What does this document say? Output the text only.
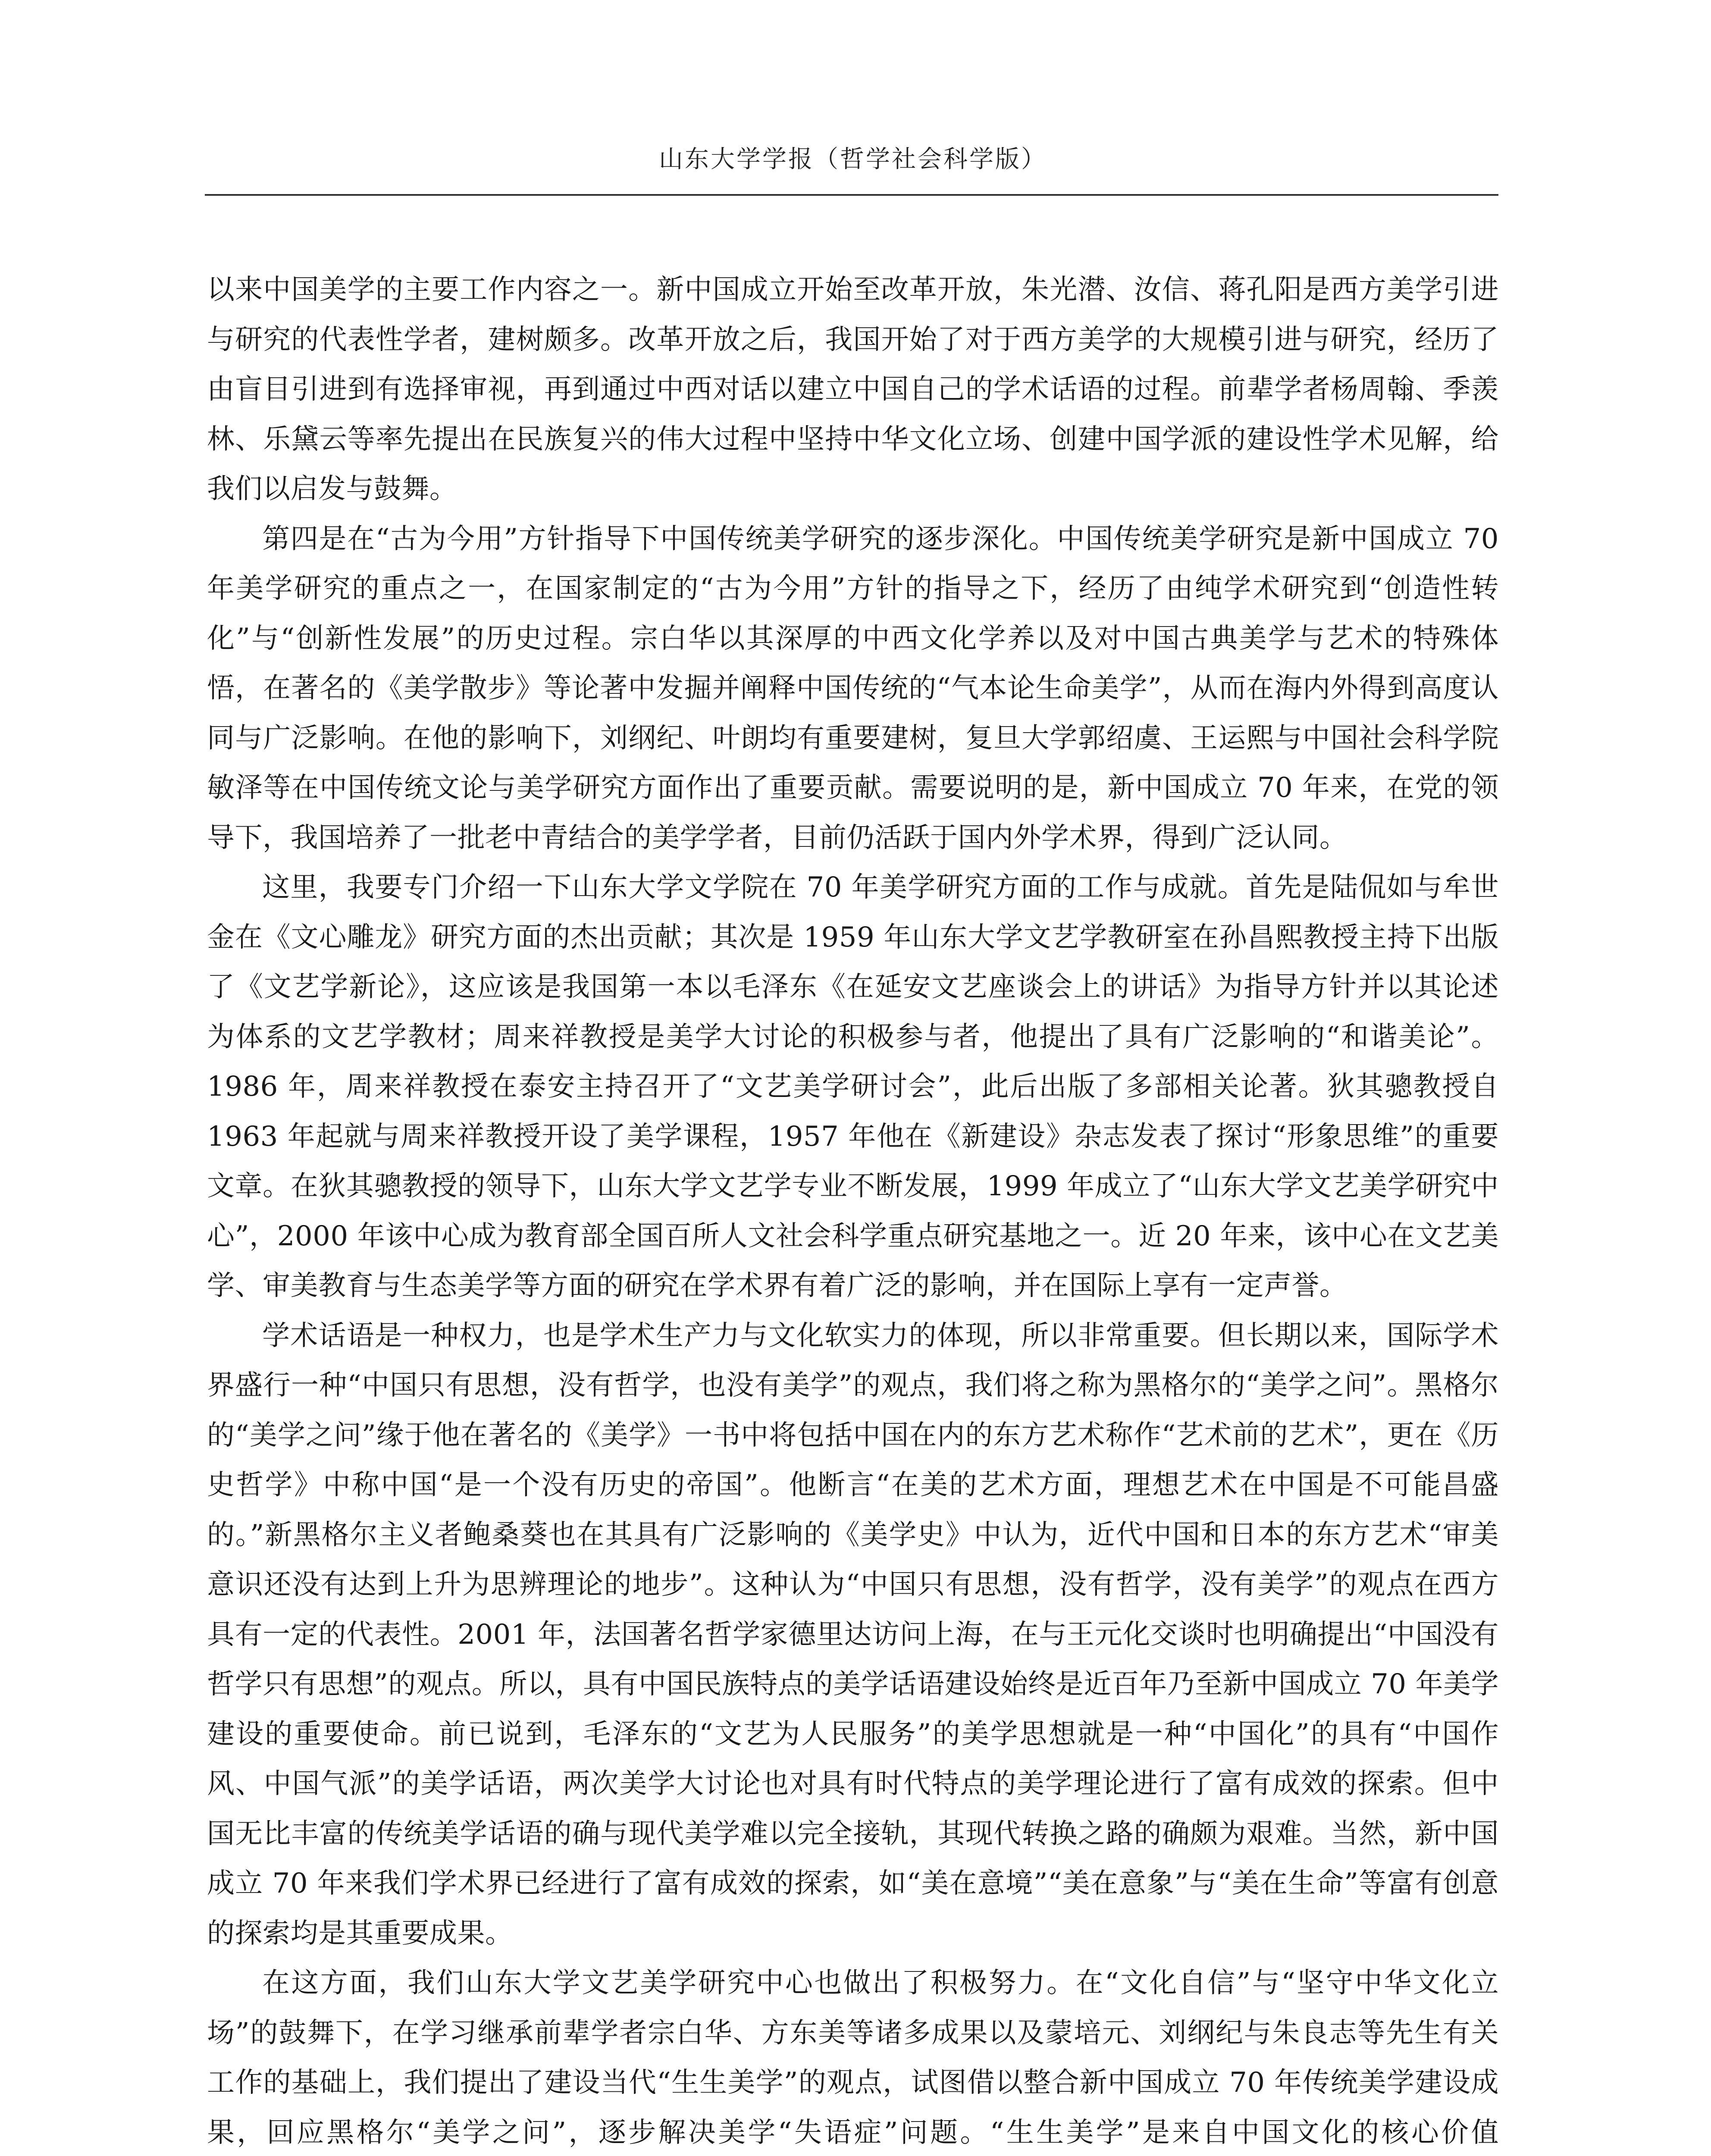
山东大学学报（哲学社会科学版）

以来中国美学的主要工作内容之一。新中国成立开始至改革开放，朱光潜、汝信、蒋孔阳是西方美学引进与研究的代表性学者，建树颇多。改革开放之后，我国开始了对于西方美学的大规模引进与研究，经历了由盲目引进到有选择审视，再到通过中西对话以建立中国自己的学术话语的过程。前辈学者杨周翰、季羡林、乐黛云等率先提出在民族复兴的伟大过程中坚持中华文化立场、创建中国学派的建设性学术见解，给我们以启发与鼓舞。

第四是在“古为今用”方针指导下中国传统美学研究的逐步深化。中国传统美学研究是新中国成立 70 年美学研究的重点之一，在国家制定的“古为今用”方针的指导之下，经历了由纯学术研究到“创造性转化”与“创新性发展”的历史过程。宗白华以其深厚的中西文化学养以及对中国古典美学与艺术的特殊体悟，在著名的《美学散步》等论著中发掘并阐释中国传统的“气本论生命美学”，从而在海内外得到高度认同与广泛影响。在他的影响下，刘纲纪、叶朗均有重要建树，复旦大学郭绍虞、王运熙与中国社会科学院敏泽等在中国传统文论与美学研究方面作出了重要贡献。需要说明的是，新中国成立 70 年来，在党的领导下，我国培养了一批老中青结合的美学学者，目前仍活跃于国内外学术界，得到广泛认同。

这里，我要专门介绍一下山东大学文学院在 70 年美学研究方面的工作与成就。首先是陆侃如与牟世金在《文心雕龙》研究方面的杰出贡献；其次是 1959 年山东大学文艺学教研室在孙昌熙教授主持下出版了《文艺学新论》，这应该是我国第一本以毛泽东《在延安文艺座谈会上的讲话》为指导方针并以其论述为体系的文艺学教材；周来祥教授是美学大讨论的积极参与者，他提出了具有广泛影响的“和谐美论”。1986 年，周来祥教授在泰安主持召开了“文艺美学研讨会”，此后出版了多部相关论著。狄其骢教授自 1963 年起就与周来祥教授开设了美学课程，1957 年他在《新建设》杂志发表了探讨“形象思维”的重要文章。在狄其骢教授的领导下，山东大学文艺学专业不断发展，1999 年成立了“山东大学文艺美学研究中心”，2000 年该中心成为教育部全国百所人文社会科学重点研究基地之一。近 20 年来，该中心在文艺美学、审美教育与生态美学等方面的研究在学术界有着广泛的影响，并在国际上享有一定声誉。

学术话语是一种权力，也是学术生产力与文化软实力的体现，所以非常重要。但长期以来，国际学术界盛行一种“中国只有思想，没有哲学，也没有美学”的观点，我们将之称为黑格尔的“美学之问”。黑格尔的“美学之问”缘于他在著名的《美学》一书中将包括中国在内的东方艺术称作“艺术前的艺术”，更在《历史哲学》中称中国“是一个没有历史的帝国”。他断言“在美的艺术方面，理想艺术在中国是不可能昌盛的。”新黑格尔主义者鲍桑葵也在其具有广泛影响的《美学史》中认为，近代中国和日本的东方艺术“审美意识还没有达到上升为思辨理论的地步”。这种认为“中国只有思想，没有哲学，没有美学”的观点在西方具有一定的代表性。2001 年，法国著名哲学家德里达访问上海，在与王元化交谈时也明确提出“中国没有哲学只有思想”的观点。所以，具有中国民族特点的美学话语建设始终是近百年乃至新中国成立 70 年美学建设的重要使命。前已说到，毛泽东的“文艺为人民服务”的美学思想就是一种“中国化”的具有“中国作风、中国气派”的美学话语，两次美学大讨论也对具有时代特点的美学理论进行了富有成效的探索。但中国无比丰富的传统美学话语的确与现代美学难以完全接轨，其现代转换之路的确颇为艰难。当然，新中国成立 70 年来我们学术界已经进行了富有成效的探索，如“美在意境”“美在意象”与“美在生命”等富有创意的探索均是其重要成果。

在这方面，我们山东大学文艺美学研究中心也做出了积极努力。在“文化自信”与“坚守中华文化立场”的鼓舞下，在学习继承前辈学者宗白华、方东美等诸多成果以及蒙培元、刘纲纪与朱良志等先生有关工作的基础上，我们提出了建设当代“生生美学”的观点，试图借以整合新中国成立 70 年传统美学建设成果，回应黑格尔“美学之问”，逐步解决美学“失语症”问题。“生生美学”是来自中国文化的核心价值
